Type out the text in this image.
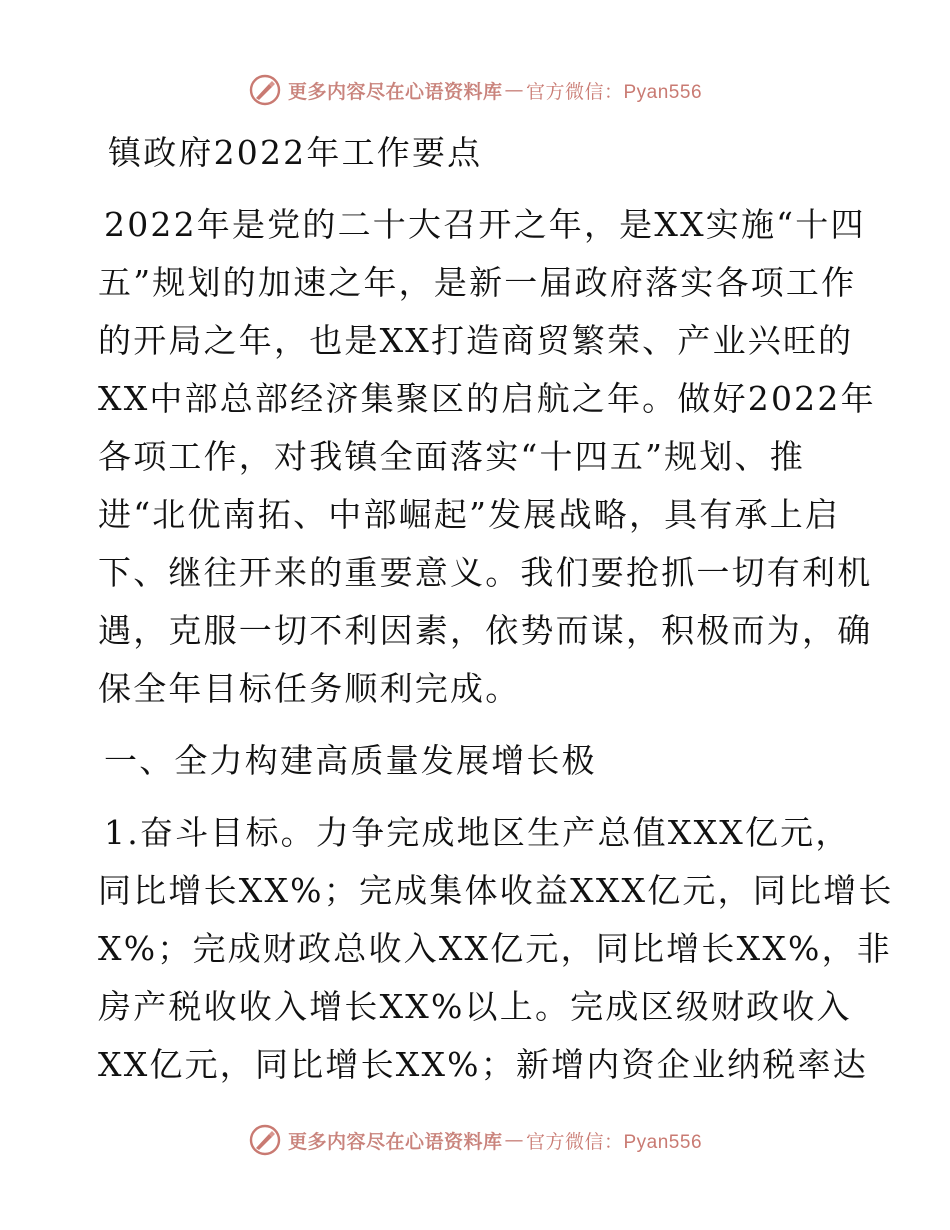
更多内容尽在心语资料库 — 官方微信：Pyan556
镇政府2022年工作要点
2022年是党的二十大召开之年，是XX实施“十四
五”规划的加速之年，是新一届政府落实各项工作
的开局之年，也是XX打造商贸繁荣、产业兴旺的
XX中部总部经济集聚区的启航之年。做好2022年
各项工作，对我镇全面落实“十四五”规划、推
进“北优南拓、中部崛起”发展战略，具有承上启
下、继往开来的重要意义。我们要抢抓一切有利机
遇，克服一切不利因素，依势而谋，积极而为，确
保全年目标任务顺利完成。
一、全力构建高质量发展增长极
1.奋斗目标。力争完成地区生产总值XXX亿元，
同比增长XX%；完成集体收益XXX亿元，同比增长
X%；完成财政总收入XX亿元，同比增长XX%，非
房产税收收入增长XX%以上。完成区级财政收入
XX亿元，同比增长XX%；新增内资企业纳税率达
更多内容尽在心语资料库 — 官方微信：Pyan556
